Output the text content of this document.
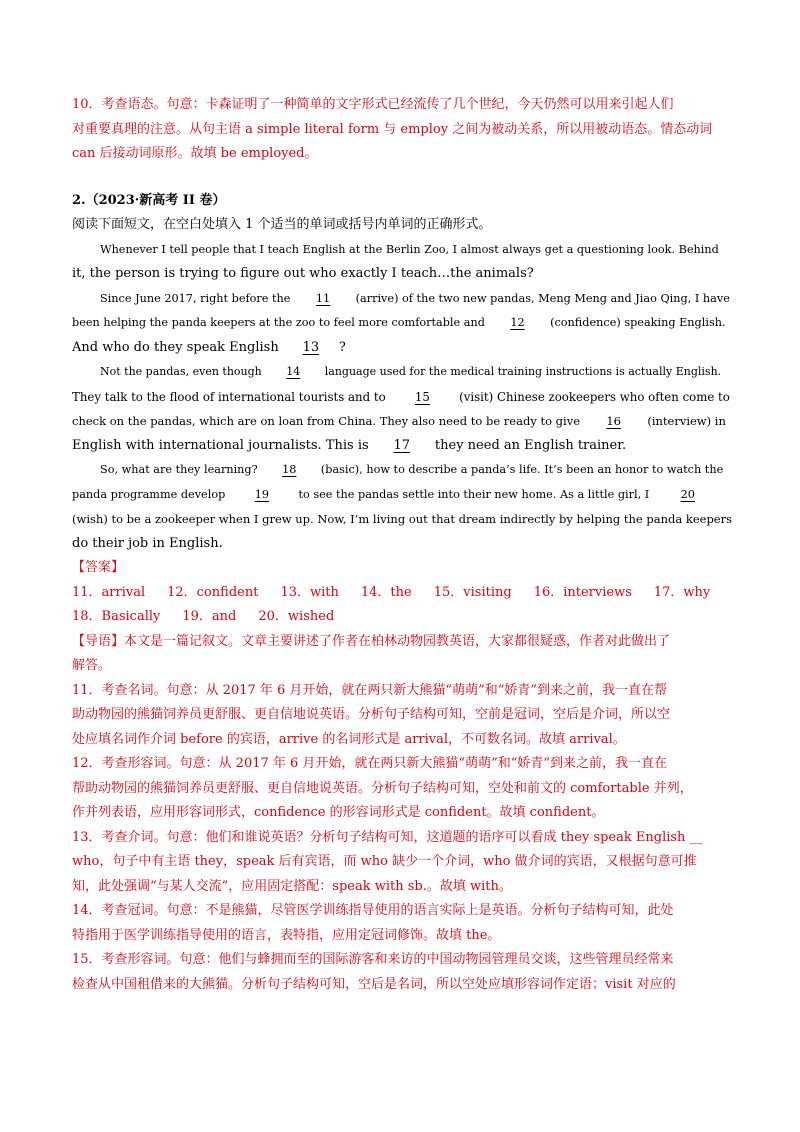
10．考查语态。句意：卡森证明了一种简单的文字形式已经流传了几个世纪，今天仍然可以用来引起人们
对重要真理的注意。从句主语 a simple literal form 与 employ 之间为被动关系，所以用被动语态。情态动词
can 后接动词原形。故填 be employed。
2.（2023·新高考 II 卷）
阅读下面短文，在空白处填入 1 个适当的单词或括号内单词的正确形式。
Whenever I tell people that I teach English at the Berlin Zoo, I almost always get a questioning look. Behind
it, the person is trying to figure out who exactly I teach…the animals?
Since June 2017, right before the 11 (arrive) of the two new pandas, Meng Meng and Jiao Qing, I have
been helping the panda keepers at the zoo to feel more comfortable and 12 (confidence) speaking English.
And who do they speak English 13 ?
Not the pandas, even though 14 language used for the medical training instructions is actually English.
They talk to the flood of international tourists and to 15 (visit) Chinese zookeepers who often come to
check on the pandas, which are on loan from China. They also need to be ready to give 16 (interview) in
English with international journalists. This is 17 they need an English trainer.
So, what are they learning? 18 (basic), how to describe a panda’s life. It’s been an honor to watch the
panda programme develop 19 to see the pandas settle into their new home. As a little girl, I 20
(wish) to be a zookeeper when I grew up. Now, I’m living out that dream indirectly by helping the panda keepers
do their job in English.
【答案】
11．arrival 12．confident 13．with 14．the 15．visiting 16．interviews 17．why
18．Basically 19．and 20．wished
【导语】本文是一篇记叙文。文章主要讲述了作者在柏林动物园教英语，大家都很疑惑，作者对此做出了
解答。
11．考查名词。句意：从 2017 年 6 月开始，就在两只新大熊猫“萌萌”和“娇青”到来之前，我一直在帮
助动物园的熊猫饲养员更舒服、更自信地说英语。分析句子结构可知，空前是冠词，空后是介词，所以空
处应填名词作介词 before 的宾语，arrive 的名词形式是 arrival，不可数名词。故填 arrival。
12．考查形容词。句意：从 2017 年 6 月开始，就在两只新大熊猫“萌萌”和“娇青”到来之前，我一直在
帮助动物园的熊猫饲养员更舒服、更自信地说英语。分析句子结构可知，空处和前文的 comfortable 并列，
作并列表语，应用形容词形式，confidence 的形容词形式是 confident。故填 confident。
13．考查介词。句意：他们和谁说英语？分析句子结构可知，这道题的语序可以看成 they speak English __
who，句子中有主语 they，speak 后有宾语，而 who 缺少一个介词，who 做介词的宾语，又根据句意可推
知，此处强调“与某人交流”，应用固定搭配：speak with sb.。故填 with。
14．考查冠词。句意：不是熊猫，尽管医学训练指导使用的语言实际上是英语。分析句子结构可知，此处
特指用于医学训练指导使用的语言，表特指，应用定冠词修饰。故填 the。
15．考查形容词。句意：他们与蜂拥而至的国际游客和来访的中国动物园管理员交谈，这些管理员经常来
检查从中国租借来的大熊猫。分析句子结构可知，空后是名词，所以空处应填形容词作定语；visit 对应的
